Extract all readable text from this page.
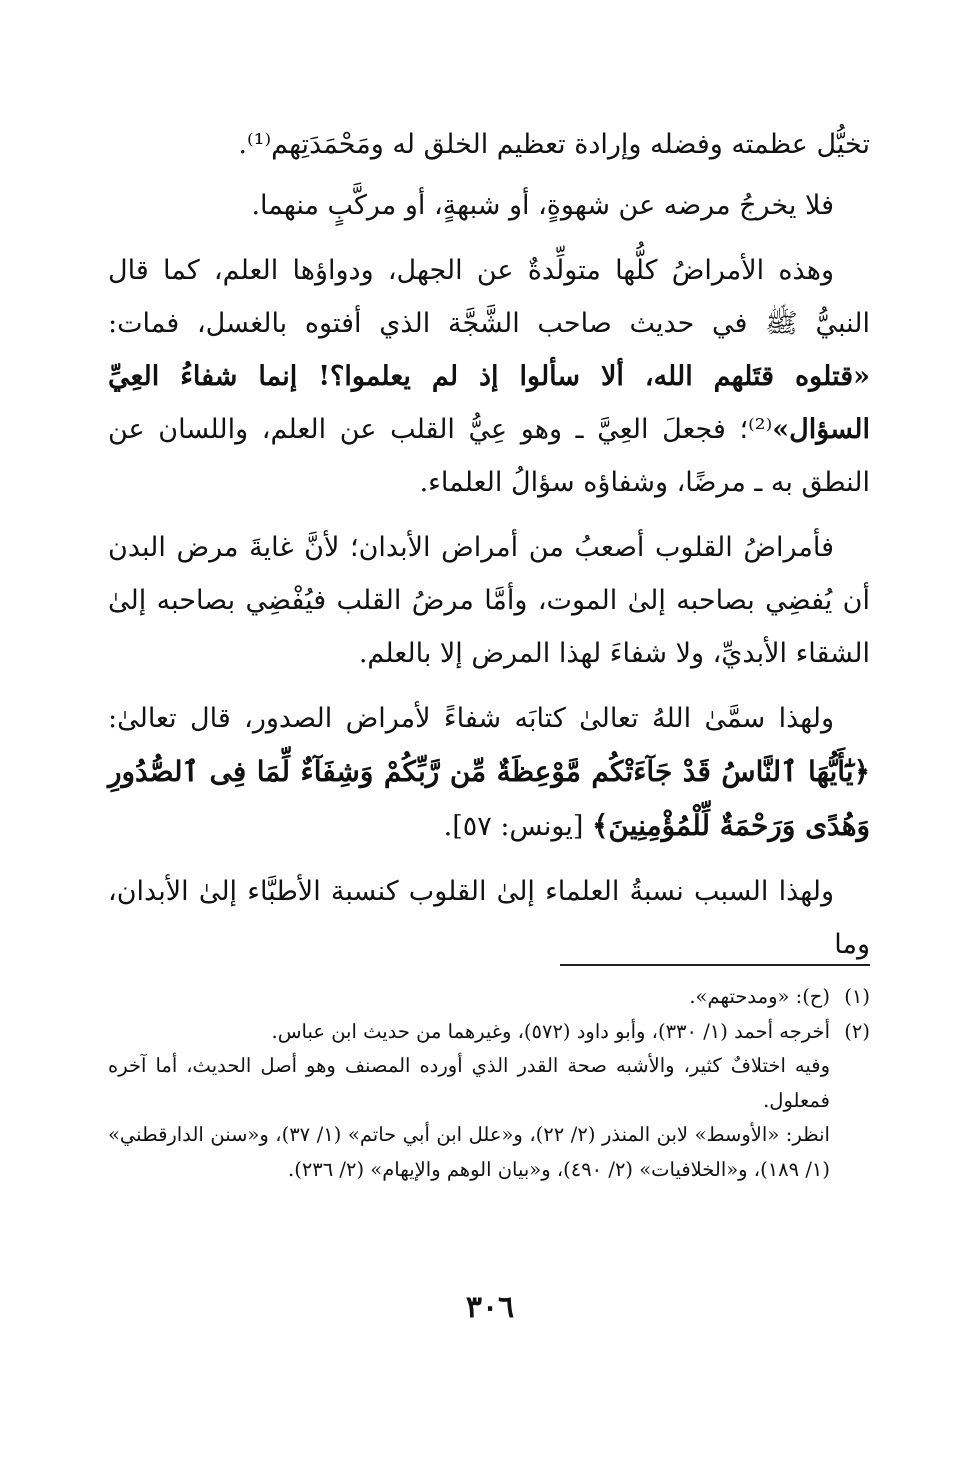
تخيُّل عظمته وفضله وإرادة تعظيم الخلق له ومَحْمَدَتِهم⁽¹⁾.

فلا يخرجُ مرضه عن شهوةٍ، أو شبهةٍ، أو مركَّبٍ منهما.

وهذه الأمراضُ كلُّها متولِّدةٌ عن الجهل، ودواؤها العلم، كما قال النبيُّ ﷺ في حديث صاحب الشَّجَّة الذي أفتوه بالغسل، فمات: «قتلوه قتَلهم الله، ألا سألوا إذ لم يعلموا؟! إنما شفاءُ العِيِّ السؤال»⁽²⁾؛ فجعلَ العِيَّ ـ وهو عِيُّ القلب عن العلم، واللسان عن النطق به ـ مرضًا، وشفاؤه سؤالُ العلماء.

فأمراضُ القلوب أصعبُ من أمراض الأبدان؛ لأنَّ غايةَ مرض البدن أن يُفضِي بصاحبه إلىٰ الموت، وأمَّا مرضُ القلب فيُفْضِي بصاحبه إلىٰ الشقاء الأبديِّ، ولا شفاءَ لهذا المرض إلا بالعلم.

ولهذا سمَّىٰ اللهُ تعالىٰ كتابَه شفاءً لأمراض الصدور، قال تعالىٰ: ﴿يَٰٓأَيُّهَا ٱلنَّاسُ قَدْ جَآءَتْكُم مَّوْعِظَةٌ مِّن رَّبِّكُمْ وَشِفَآءٌ لِّمَا فِى ٱلصُّدُورِ وَهُدًى وَرَحْمَةٌ لِّلْمُؤْمِنِينَ﴾ [يونس: ٥٧].

ولهذا السبب نسبةُ العلماء إلىٰ القلوب كنسبة الأطبَّاء إلىٰ الأبدان، وما

(١)(ح): «ومدحتهم».

(٢)أخرجه أحمد (١/ ٣٣٠)، وأبو داود (٥٧٢)، وغيرهما من حديث ابن عباس.

وفيه اختلافٌ كثير، والأشبه صحة القدر الذي أورده المصنف وهو أصل الحديث، أما آخره فمعلول.

انظر: «الأوسط» لابن المنذر (٢/ ٢٢)، و«علل ابن أبي حاتم» (١/ ٣٧)، و«سنن الدارقطني» (١/ ١٨٩)، و«الخلافيات» (٢/ ٤٩٠)، و«بيان الوهم والإيهام» (٢/ ٢٣٦).

٣٠٦
